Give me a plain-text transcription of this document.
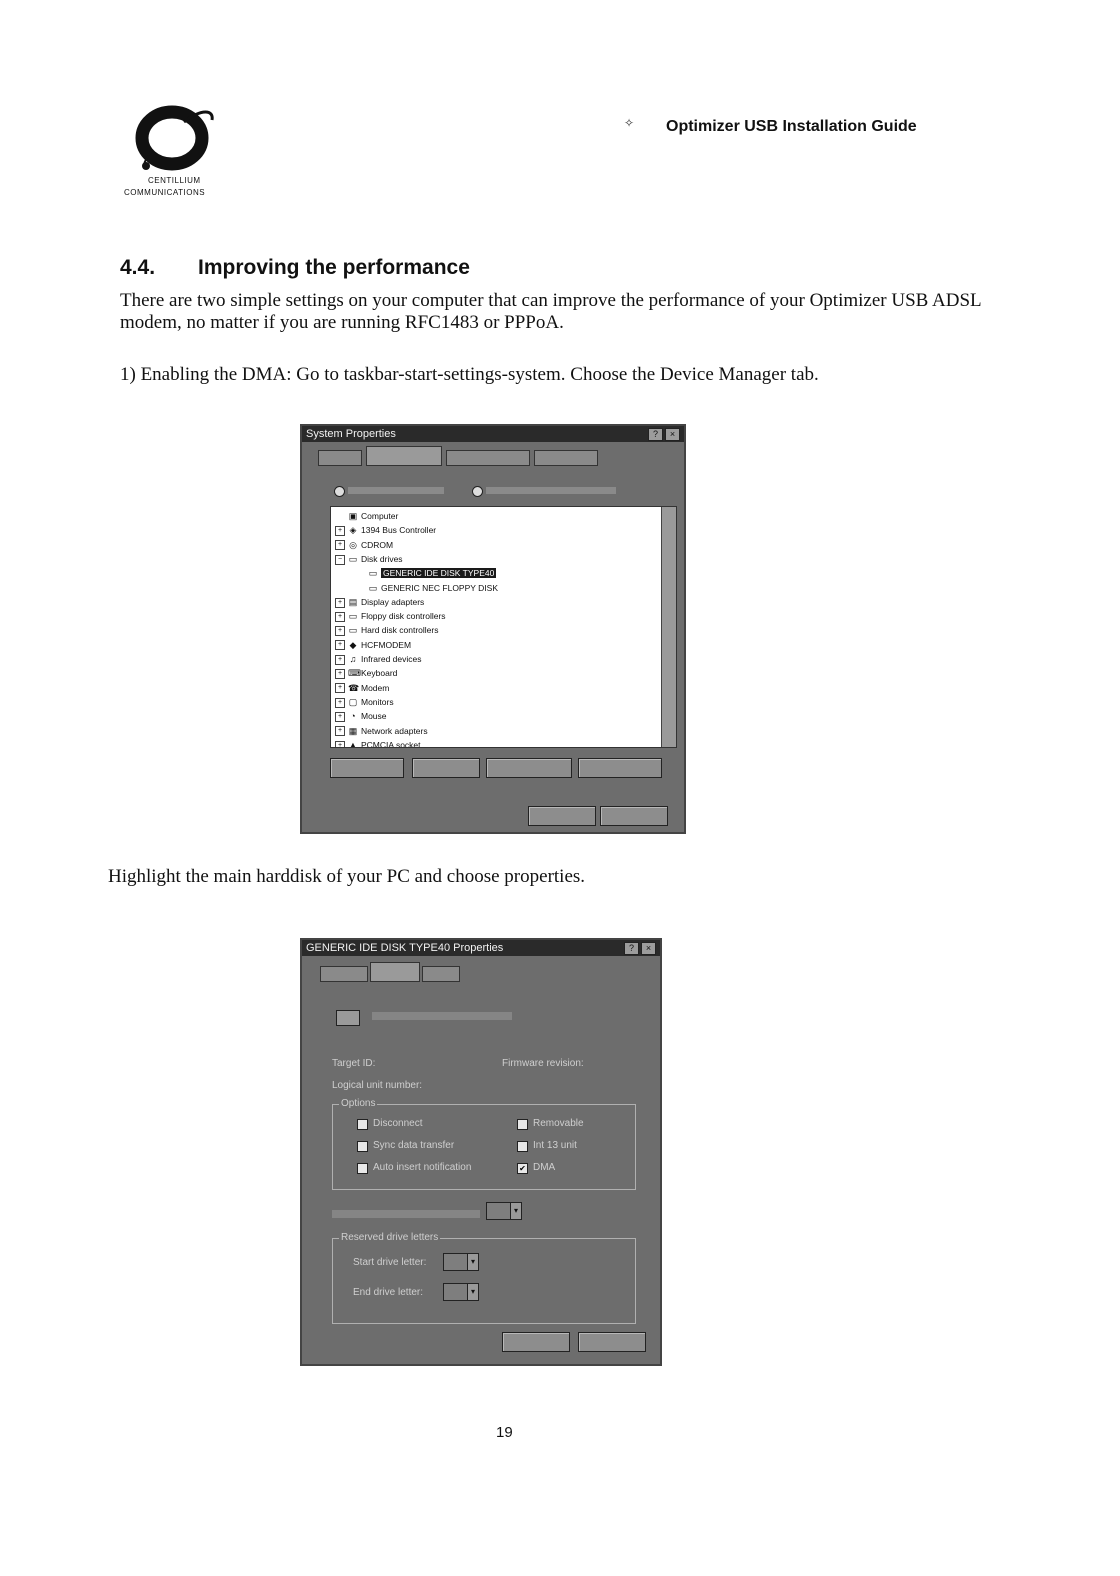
CENTILLIUM
COMMUNICATIONS
✧ Optimizer USB Installation Guide
4.4. Improving the performance
There are two simple settings on your computer that can improve the performance of your Optimizer USB ADSL modem, no matter if you are running RFC1483 or PPPoA.
1) Enabling the DMA: Go to taskbar-start-settings-system. Choose the Device Manager tab.
System Properties	?	×
▣ Computer
+ ◈ 1394 Bus Controller
+ ◎ CDROM
− ▭ Disk drives
▭ GENERIC IDE DISK TYPE40
▭ GENERIC NEC FLOPPY DISK
+ ▤ Display adapters
+ ▭ Floppy disk controllers
+ ▭ Hard disk controllers
+ ◆ HCFMODEM
+ ♫ Infrared devices
+ ⌨Keyboard
+ ☎ Modem
+ ▢ Monitors
+ ◔ Mouse
+ ▦ Network adapters
+ ▲ PCMCIA socket
Highlight the main harddisk of your PC and choose properties.
GENERIC IDE DISK TYPE40 Properties	?	×
Target ID:	Firmware revision:
Logical unit number:
Options
Disconnect	Removable
Sync data transfer	Int 13 unit
Auto insert notification	✔ DMA
▾
Reserved drive letters
Start drive letter:	▾
End drive letter:	▾
19
